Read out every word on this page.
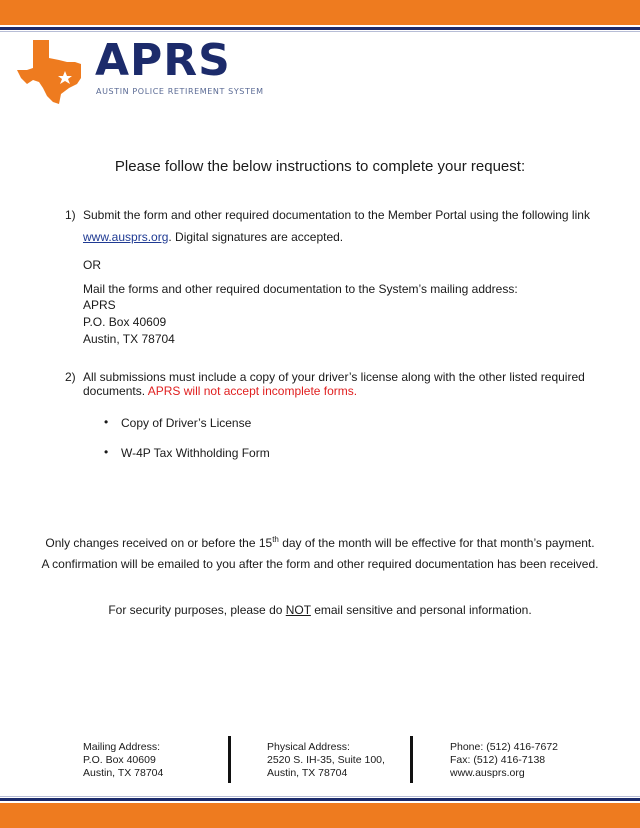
APRS
AUSTIN POLICE RETIREMENT SYSTEM
Please follow the below instructions to complete your request:
1) Submit the form and other required documentation to the Member Portal using the following link
www.ausprs.org. Digital signatures are accepted.
OR
Mail the forms and other required documentation to the System’s mailing address:
APRS
P.O. Box 40609
Austin, TX 78704
2) All submissions must include a copy of your driver’s license along with the other listed required
documents. APRS will not accept incomplete forms.
• Copy of Driver’s License
• W-4P Tax Withholding Form
Only changes received on or before the 15th day of the month will be effective for that month’s payment.
A confirmation will be emailed to you after the form and other required documentation has been received.
For security purposes, please do NOT email sensitive and personal information.
Mailing Address:
P.O. Box 40609
Austin, TX 78704
Physical Address:
2520 S. IH-35, Suite 100,
Austin, TX 78704
Phone: (512) 416-7672
Fax: (512) 416-7138
www.ausprs.org
